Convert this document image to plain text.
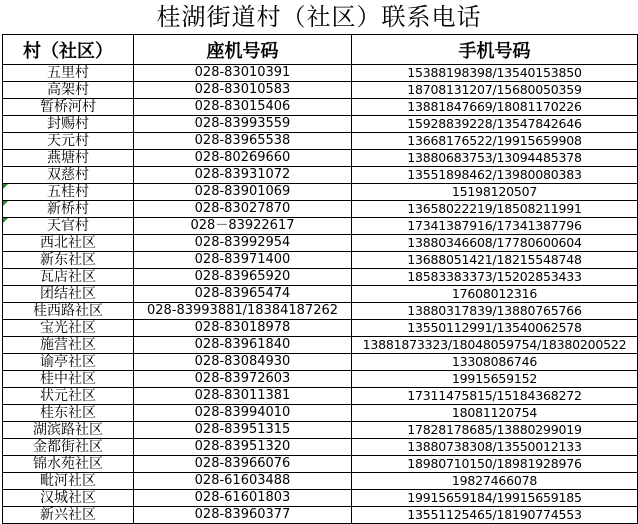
桂湖街道村（社区）联系电话
村（社区）	座机号码	手机号码
五里村	028-83010391	15388198398/13540153850
高架村	028-83010583	18708131207/15680050359
暂桥河村	028-83015406	13881847669/18081170226
封赐村	028-83993559	15928839228/13547842646
天元村	028-83965538	13668176522/19915659908
燕塘村	028-80269660	13880683753/13094485378
双慈村	028-83931072	13551898462/13980080383
五桂村	028-83901069	15198120507
新桥村	028-83027870	13658022219/18508211991
天官村	028－83922617	17341387916/17341387796
西北社区	028-83992954	13880346608/17780600604
新东社区	028-83971400	13688051421/18215548748
瓦店社区	028-83965920	18583383373/15202853433
团结社区	028-83965474	17608012316
桂西路社区	028-83993881/18384187262	13880317839/13880765766
宝光社区	028-83018978	13550112991/13540062578
施营社区	028-83961840	13881873323/18048059754/18380200522
谕亭社区	028-83084930	13308086746
桂中社区	028-83972603	19915659152
状元社区	028-83011381	17311475815/15184368272
桂东社区	028-83994010	18081120754
湖滨路社区	028-83951315	17828178685/13880299019
金都街社区	028-83951320	13880738308/13550012133
锦水苑社区	028-83966076	18980710150/18981928976
毗河社区	028-61603488	19827466078
汉城社区	028-61601803	19915659184/19915659185
新兴社区	028-83960377	13551125465/18190774553
